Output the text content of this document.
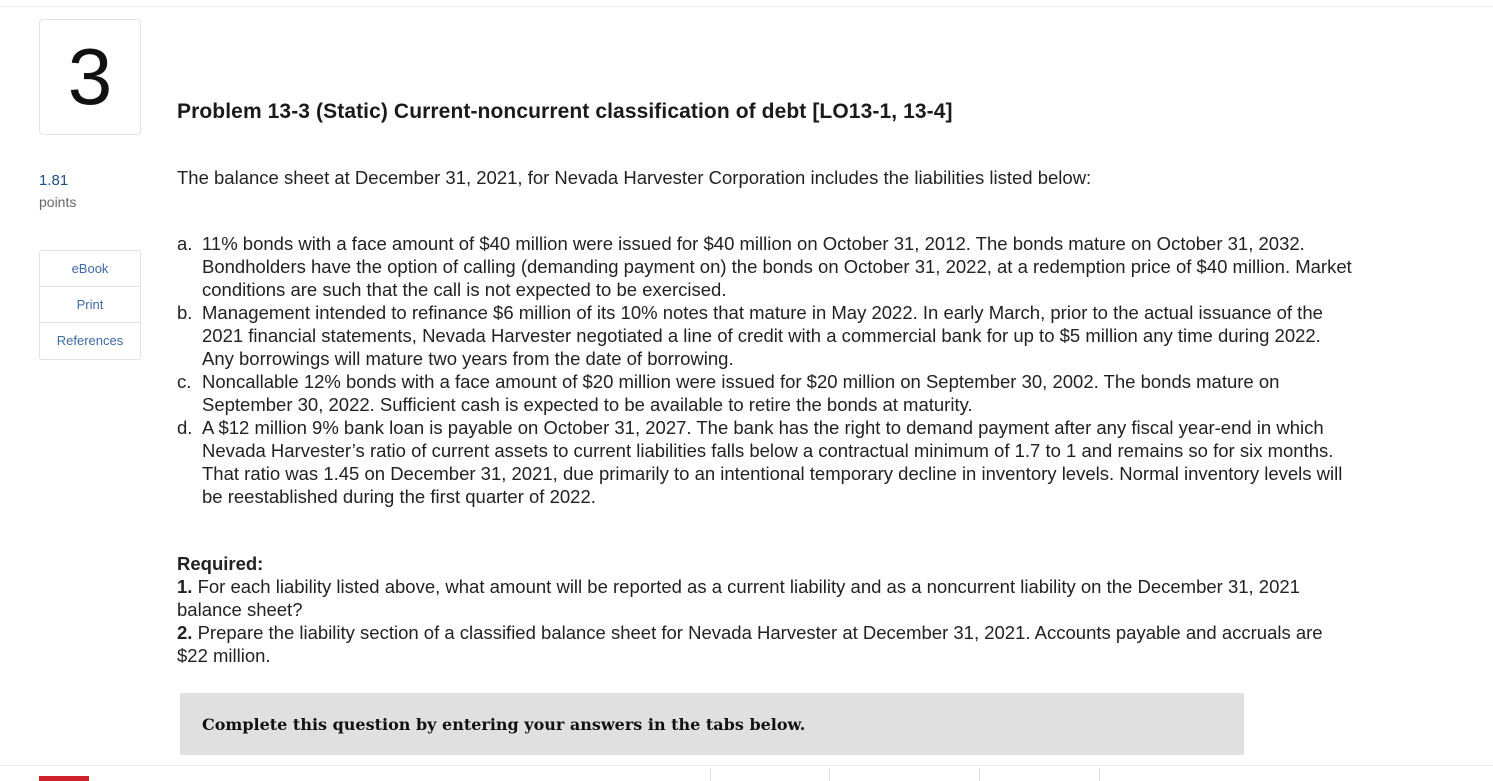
3
1.81
points
eBook
Print
References
Problem 13-3 (Static) Current-noncurrent classification of debt [LO13-1, 13-4]

The balance sheet at December 31, 2021, for Nevada Harvester Corporation includes the liabilities listed below:

a. 11% bonds with a face amount of $40 million were issued for $40 million on October 31, 2012. The bonds mature on October 31, 2032. Bondholders have the option of calling (demanding payment on) the bonds on October 31, 2022, at a redemption price of $40 million. Market conditions are such that the call is not expected to be exercised.
b. Management intended to refinance $6 million of its 10% notes that mature in May 2022. In early March, prior to the actual issuance of the 2021 financial statements, Nevada Harvester negotiated a line of credit with a commercial bank for up to $5 million any time during 2022. Any borrowings will mature two years from the date of borrowing.
c. Noncallable 12% bonds with a face amount of $20 million were issued for $20 million on September 30, 2002. The bonds mature on September 30, 2022. Sufficient cash is expected to be available to retire the bonds at maturity.
d. A $12 million 9% bank loan is payable on October 31, 2027. The bank has the right to demand payment after any fiscal year-end in which Nevada Harvester’s ratio of current assets to current liabilities falls below a contractual minimum of 1.7 to 1 and remains so for six months. That ratio was 1.45 on December 31, 2021, due primarily to an intentional temporary decline in inventory levels. Normal inventory levels will be reestablished during the first quarter of 2022.
Required:
1. For each liability listed above, what amount will be reported as a current liability and as a noncurrent liability on the December 31, 2021 balance sheet?
2. Prepare the liability section of a classified balance sheet for Nevada Harvester at December 31, 2021. Accounts payable and accruals are $22 million.
Complete this question by entering your answers in the tabs below.
